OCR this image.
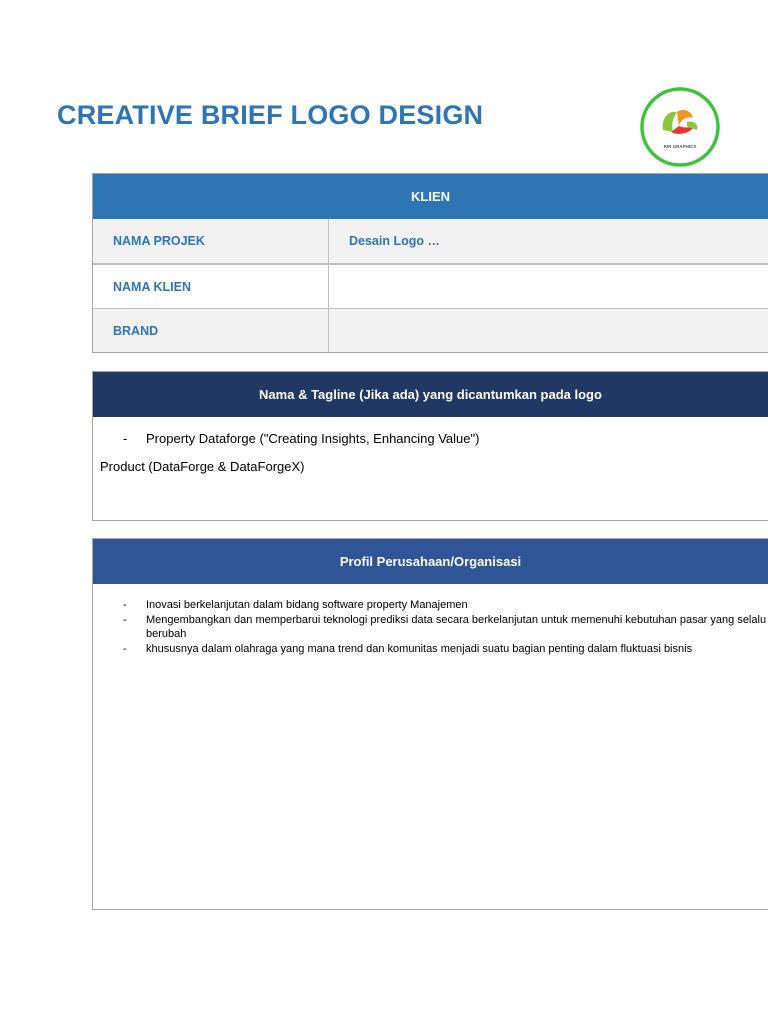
CREATIVE BRIEF LOGO DESIGN
RIN GRAPHICS
KLIEN
NAMA PROJEK	Desain Logo …
NAMA KLIEN
BRAND
Nama & Tagline (Jika ada) yang dicantumkan pada logo
-	Property Dataforge ("Creating Insights, Enhancing Value")
Product (DataForge & DataForgeX)
Profil Perusahaan/Organisasi
-	Inovasi berkelanjutan dalam bidang software property Manajemen
-	Mengembangkan dan memperbarui teknologi prediksi data secara berkelanjutan untuk memenuhi kebutuhan pasar yang selalu berubah
-	khususnya dalam olahraga yang mana trend dan komunitas menjadi suatu bagian penting dalam fluktuasi bisnis
